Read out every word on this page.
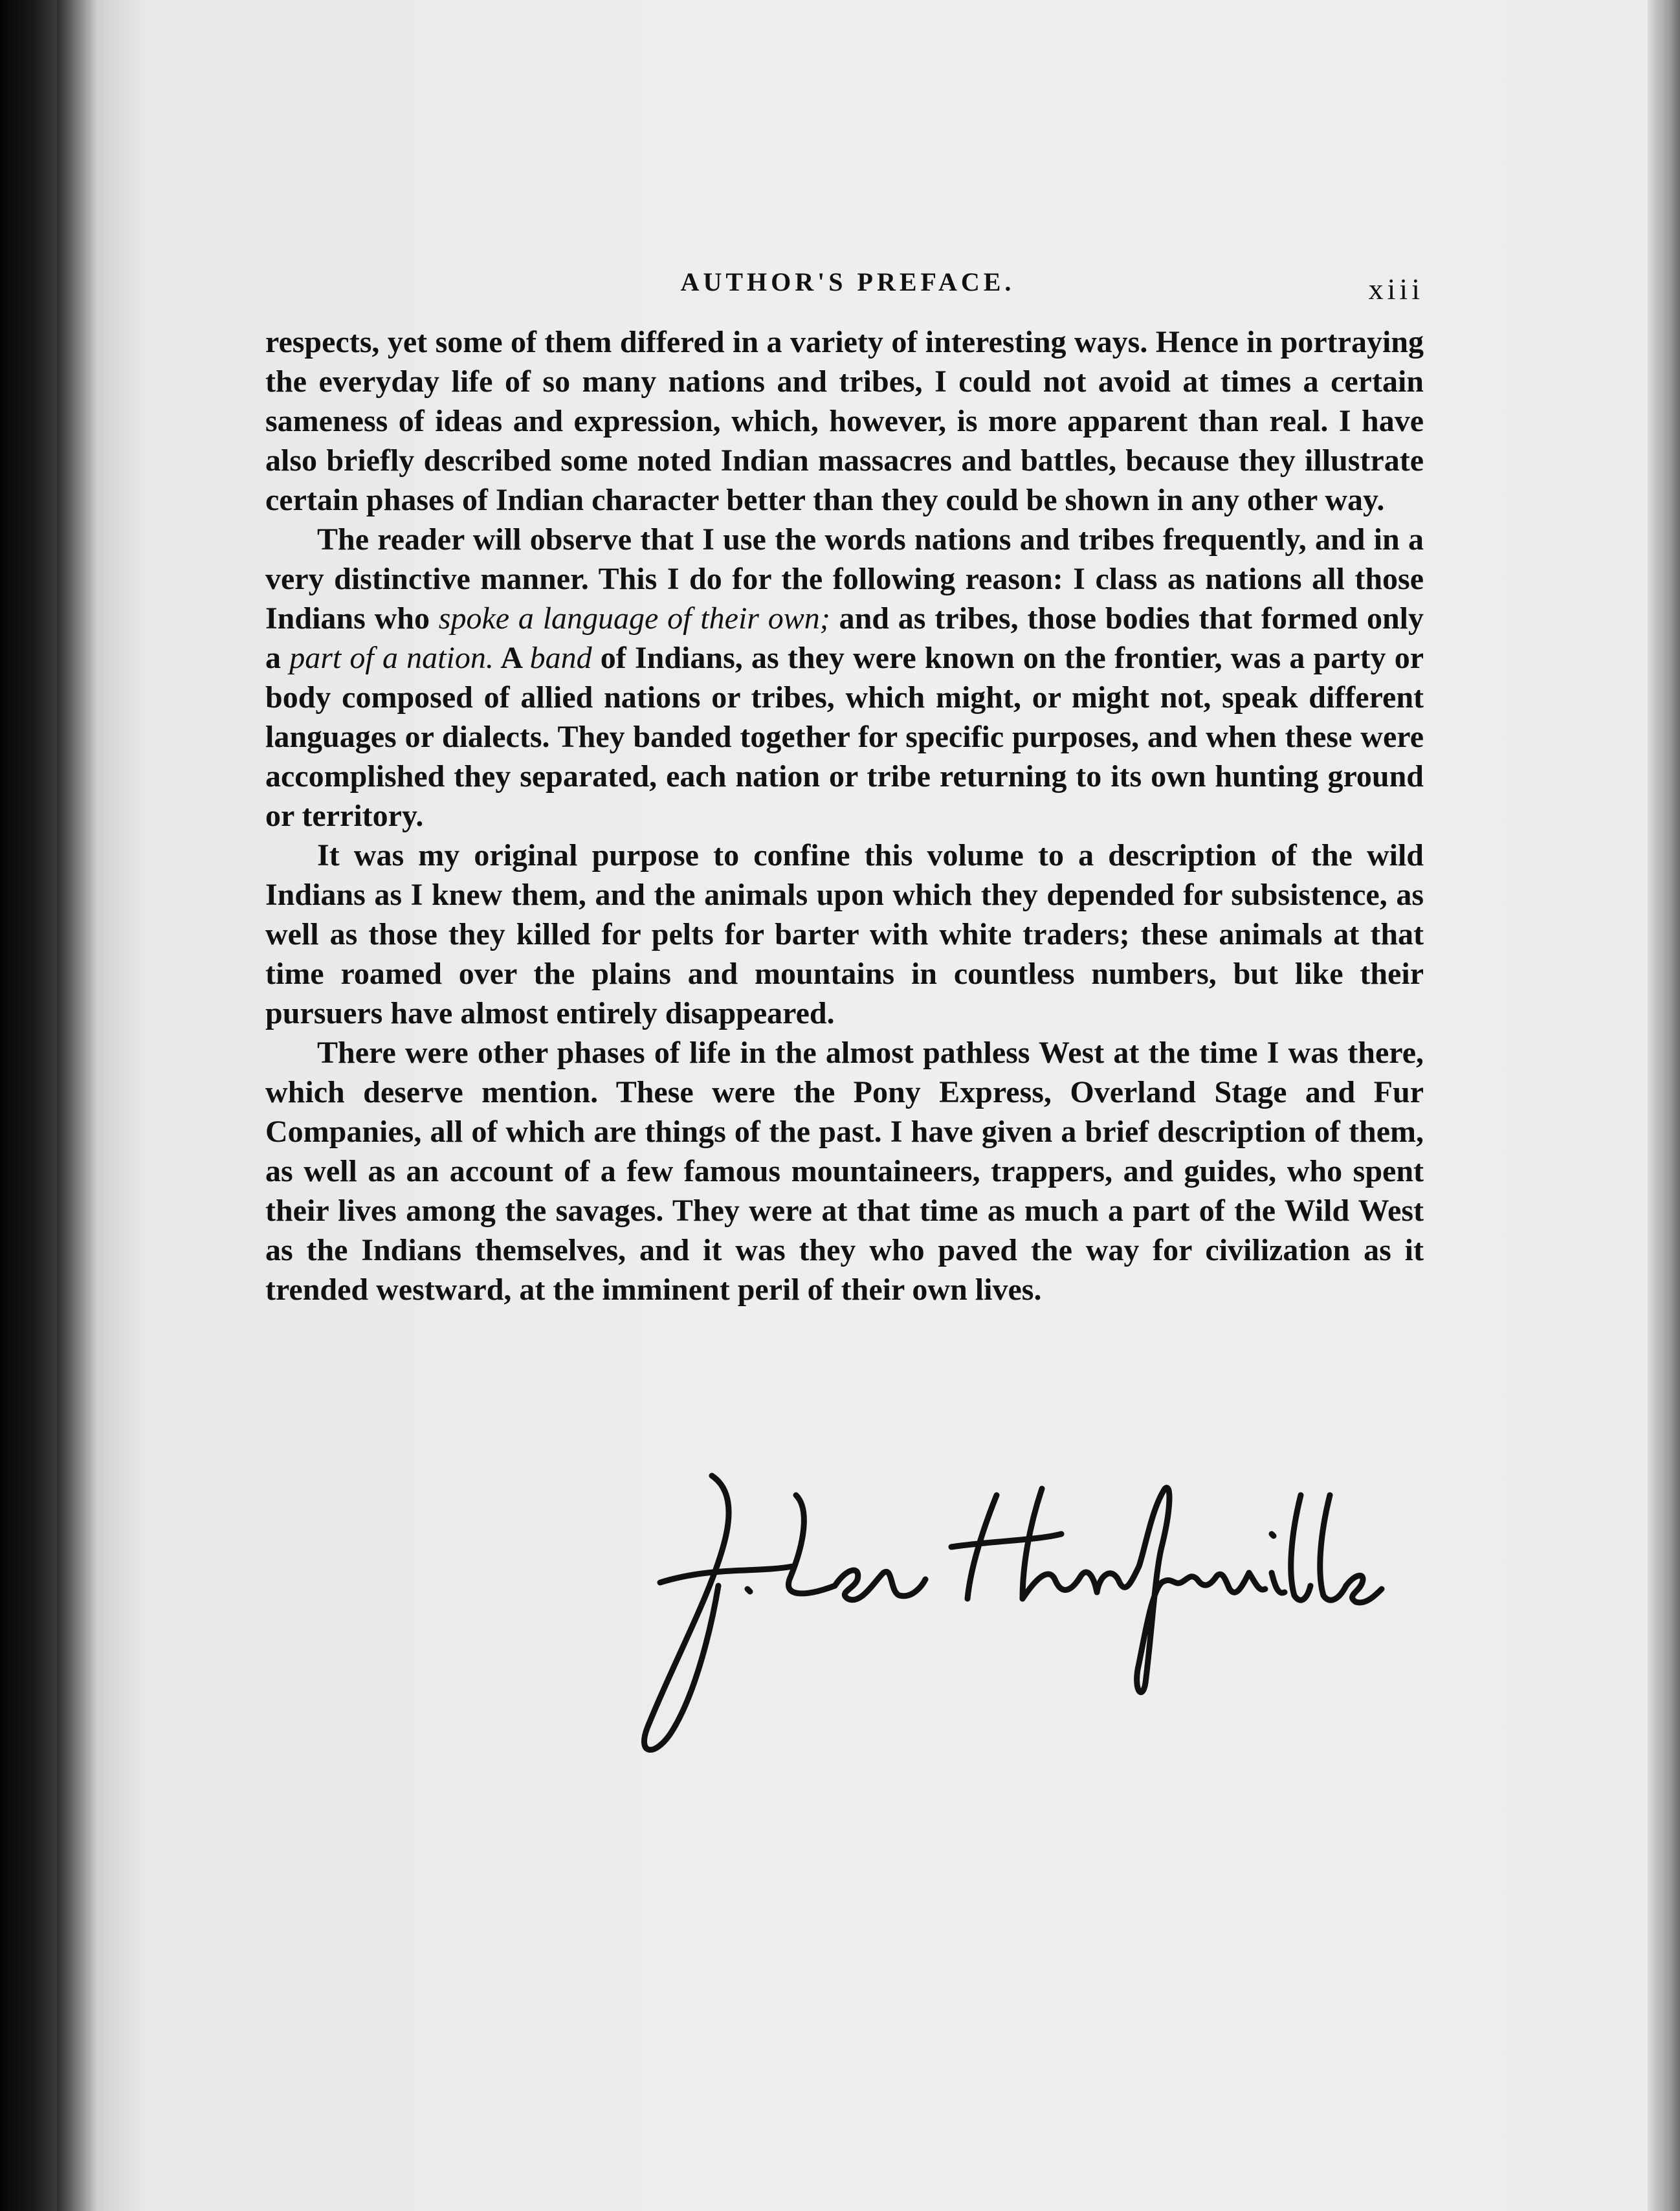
AUTHOR'S PREFACE.	xiii

respects, yet some of them differed in a variety of interesting ways. Hence in portraying the everyday life of so many nations and tribes, I could not avoid at times a certain sameness of ideas and expression, which, however, is more apparent than real. I have also briefly described some noted Indian massacres and battles, because they illustrate certain phases of Indian character better than they could be shown in any other way.

The reader will observe that I use the words nations and tribes frequently, and in a very distinctive manner. This I do for the following reason: I class as nations all those Indians who spoke a language of their own; and as tribes, those bodies that formed only a part of a nation. A band of Indians, as they were known on the frontier, was a party or body composed of allied nations or tribes, which might, or might not, speak different languages or dialects. They banded together for specific purposes, and when these were accomplished they separated, each nation or tribe returning to its own hunting ground or territory.

It was my original purpose to confine this volume to a description of the wild Indians as I knew them, and the animals upon which they depended for subsistence, as well as those they killed for pelts for barter with white traders; these animals at that time roamed over the plains and mountains in countless numbers, but like their pursuers have almost entirely disappeared.

There were other phases of life in the almost pathless West at the time I was there, which deserve mention. These were the Pony Express, Overland Stage and Fur Companies, all of which are things of the past. I have given a brief description of them, as well as an account of a few famous mountaineers, trappers, and guides, who spent their lives among the savages. They were at that time as much a part of the Wild West as the Indians themselves, and it was they who paved the way for civilization as it trended westward, at the imminent peril of their own lives.
